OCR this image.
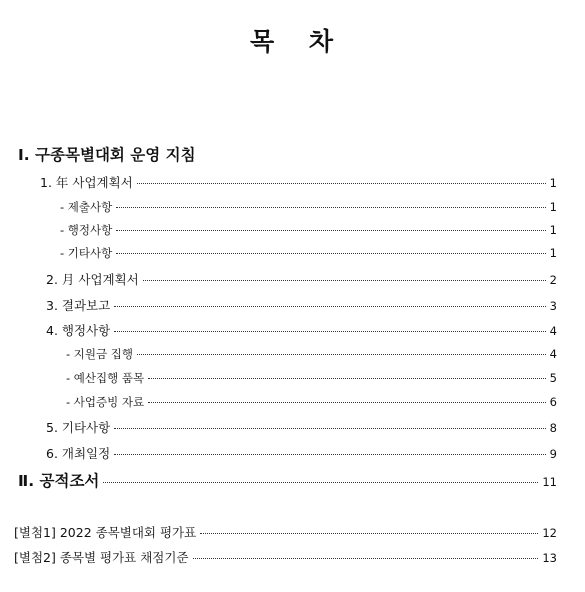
목 차
Ⅰ. 구종목별대회 운영 지침
1. 年 사업계획서	1
- 제출사항	1
- 행정사항	1
- 기타사항	1
2. 月 사업계획서	2
3. 결과보고	3
4. 행정사항	4
- 지원금 집행	4
- 예산집행 품목	5
- 사업증빙 자료	6
5. 기타사항	8
6. 개최일정	9
Ⅱ. 공적조서	11
[별첨1] 2022 종목별대회 평가표	12
[별첨2] 종목별 평가표 채점기준	13
